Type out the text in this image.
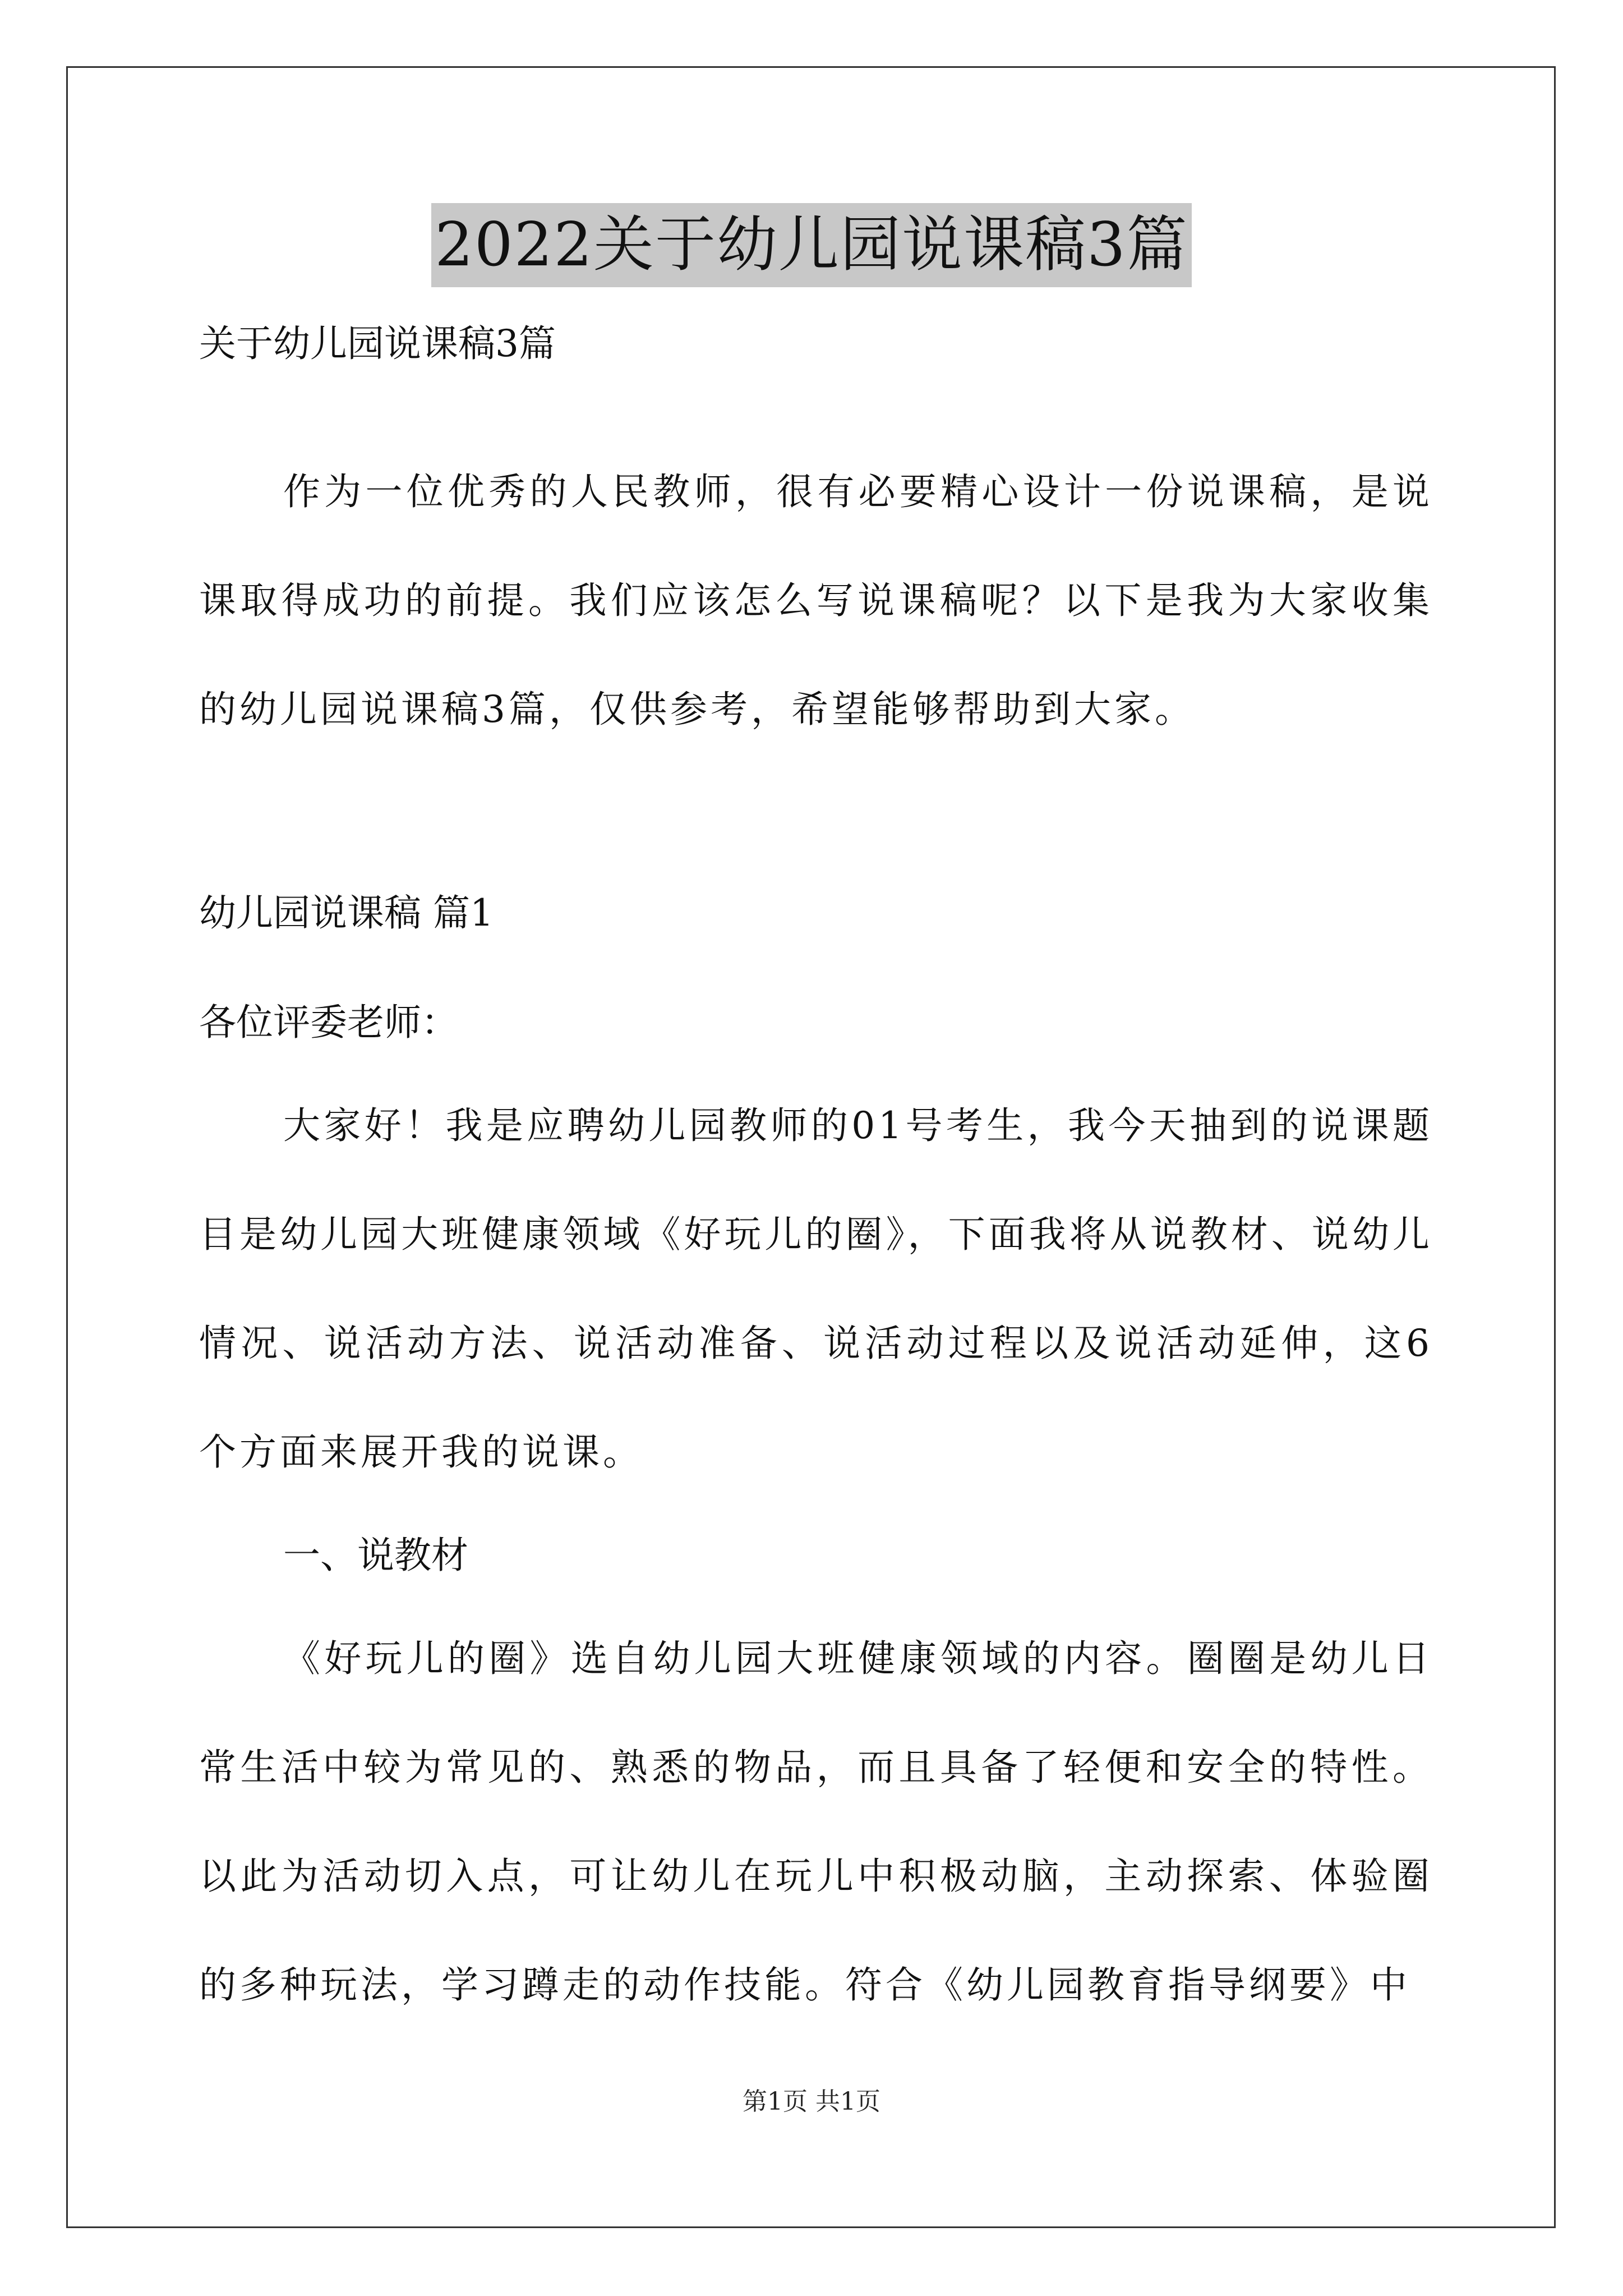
2022关于幼儿园说课稿3篇

关于幼儿园说课稿3篇

作为一位优秀的人民教师，很有必要精心设计一份说课稿，是说课取得成功的前提。我们应该怎么写说课稿呢？以下是我为大家收集的幼儿园说课稿3篇，仅供参考，希望能够帮助到大家。

幼儿园说课稿 篇1

各位评委老师：

大家好！我是应聘幼儿园教师的01号考生，我今天抽到的说课题目是幼儿园大班健康领域《好玩儿的圈》，下面我将从说教材、说幼儿情况、说活动方法、说活动准备、说活动过程以及说活动延伸，这6个方面来展开我的说课。

一、说教材

《好玩儿的圈》选自幼儿园大班健康领域的内容。圈圈是幼儿日常生活中较为常见的、熟悉的物品，而且具备了轻便和安全的特性。以此为活动切入点，可让幼儿在玩儿中积极动脑，主动探索、体验圈的多种玩法，学习蹲走的动作技能。符合《幼儿园教育指导纲要》中

第1页 共1页
